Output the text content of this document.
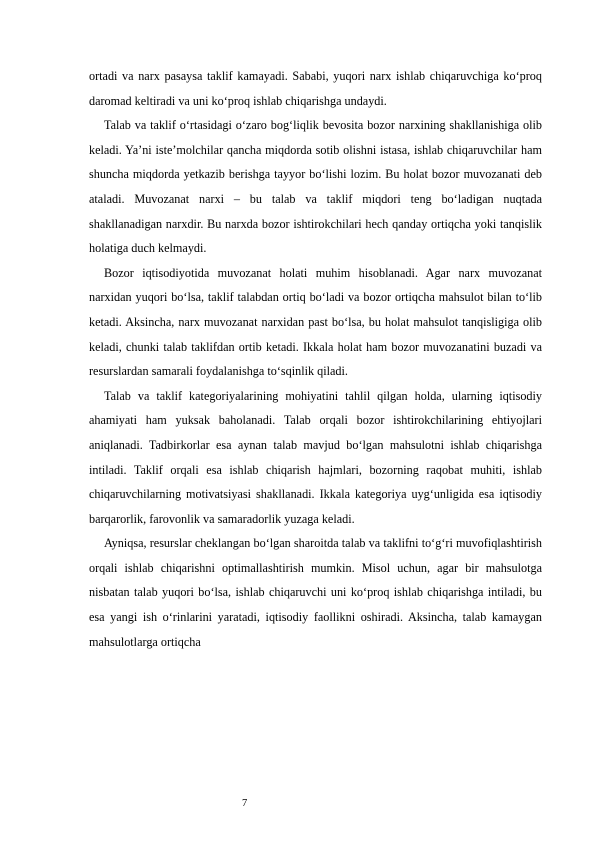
ortadi va narx pasaysa taklif kamayadi. Sababi, yuqori narx ishlab chiqaruvchiga ko‘proq daromad keltiradi va uni ko‘proq ishlab chiqarishga undaydi.

Talab va taklif o‘rtasidagi o‘zaro bog‘liqlik bevosita bozor narxining shakllanishiga olib keladi. Ya’ni iste’molchilar qancha miqdorda sotib olishni istasa, ishlab chiqaruvchilar ham shuncha miqdorda yetkazib berishga tayyor bo‘lishi lozim. Bu holat bozor muvozanati deb ataladi. Muvozanat narxi – bu talab va taklif miqdori teng bo‘ladigan nuqtada shakllanadigan narxdir. Bu narxda bozor ishtirokchilari hech qanday ortiqcha yoki tanqislik holatiga duch kelmaydi.

Bozor iqtisodiyotida muvozanat holati muhim hisoblanadi. Agar narx muvozanat narxidan yuqori bo‘lsa, taklif talabdan ortiq bo‘ladi va bozor ortiqcha mahsulot bilan to‘lib ketadi. Aksincha, narx muvozanat narxidan past bo‘lsa, bu holat mahsulot tanqisligiga olib keladi, chunki talab taklifdan ortib ketadi. Ikkala holat ham bozor muvozanatini buzadi va resurslardan samarali foydalanishga to‘sqinlik qiladi.

Talab va taklif kategoriyalarining mohiyatini tahlil qilgan holda, ularning iqtisodiy ahamiyati ham yuksak baholanadi. Talab orqali bozor ishtirokchilarining ehtiyojlari aniqlanadi. Tadbirkorlar esa aynan talab mavjud bo‘lgan mahsulotni ishlab chiqarishga intiladi. Taklif orqali esa ishlab chiqarish hajmlari, bozorning raqobat muhiti, ishlab chiqaruvchilarning motivatsiyasi shakllanadi. Ikkala kategoriya uyg‘unligida esa iqtisodiy barqarorlik, farovonlik va samaradorlik yuzaga keladi.

Ayniqsa, resurslar cheklangan bo‘lgan sharoitda talab va taklifni to‘g‘ri muvofiqlashtirish orqali ishlab chiqarishni optimallashtirish mumkin. Misol uchun, agar bir mahsulotga nisbatan talab yuqori bo‘lsa, ishlab chiqaruvchi uni ko‘proq ishlab chiqarishga intiladi, bu esa yangi ish o‘rinlarini yaratadi, iqtisodiy faollikni oshiradi. Aksincha, talab kamaygan mahsulotlarga ortiqcha

7
